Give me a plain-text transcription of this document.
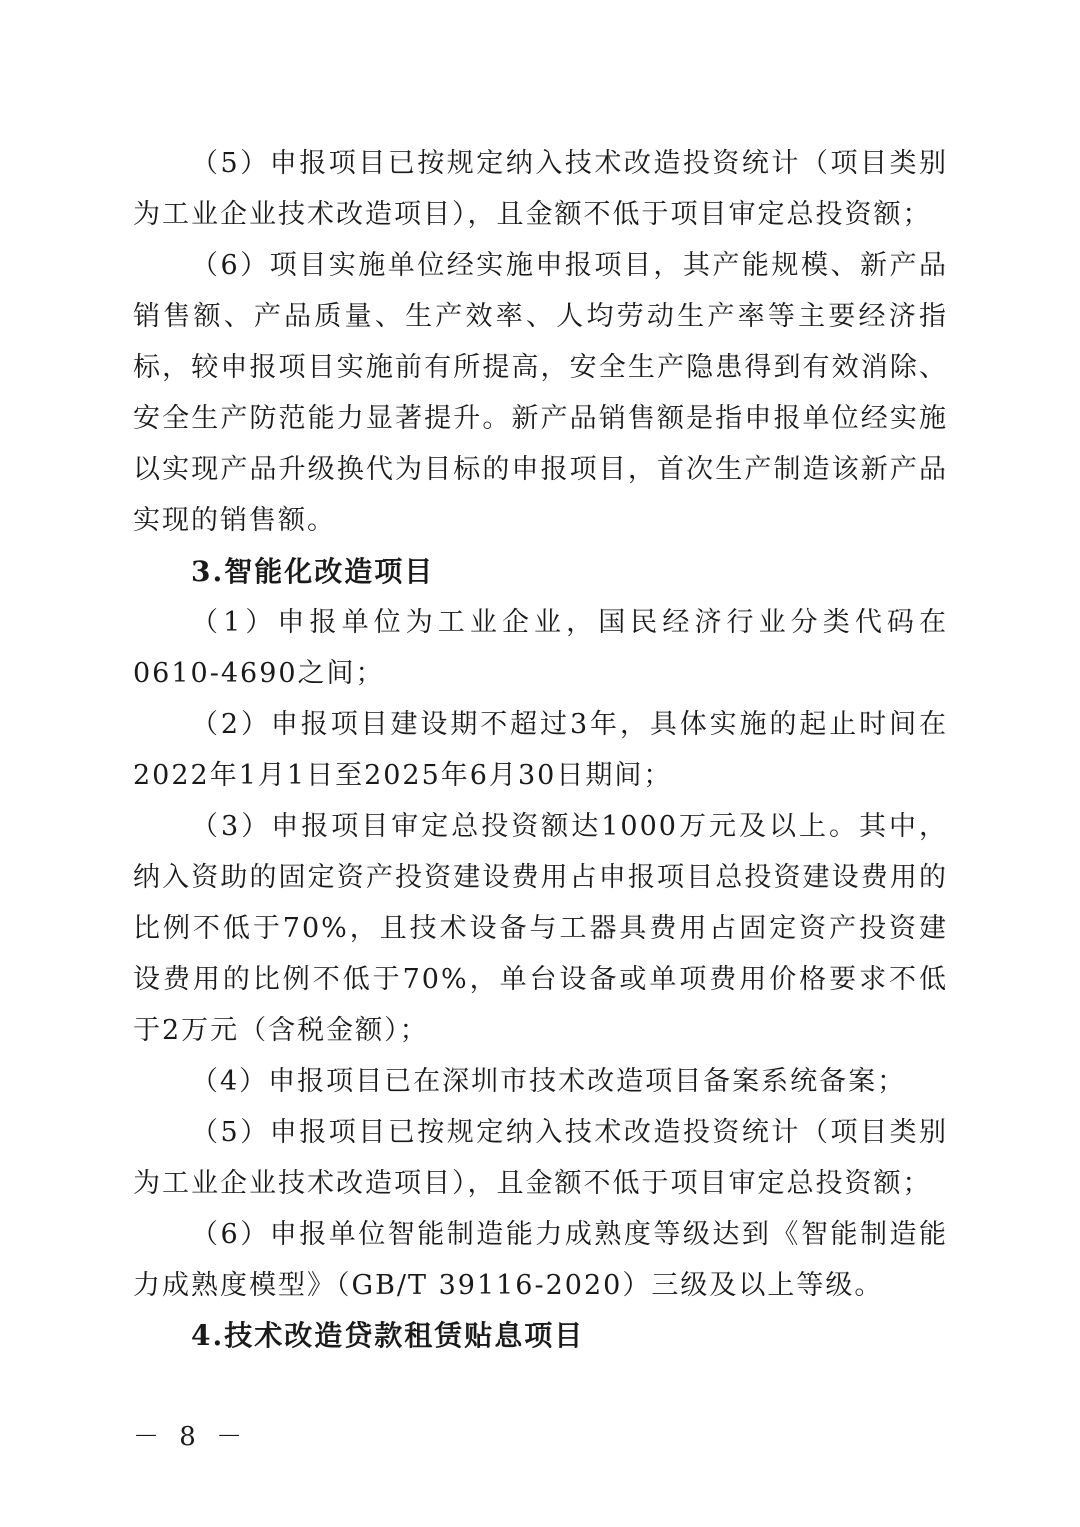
（5）申报项目已按规定纳入技术改造投资统计（项目类别为工业企业技术改造项目），且金额不低于项目审定总投资额；

（6）项目实施单位经实施申报项目，其产能规模、新产品销售额、产品质量、生产效率、人均劳动生产率等主要经济指标，较申报项目实施前有所提高，安全生产隐患得到有效消除、安全生产防范能力显著提升。新产品销售额是指申报单位经实施以实现产品升级换代为目标的申报项目，首次生产制造该新产品实现的销售额。

3.智能化改造项目

（1）申报单位为工业企业，国民经济行业分类代码在0610-4690之间；

（2）申报项目建设期不超过3年，具体实施的起止时间在2022年1月1日至2025年6月30日期间；

（3）申报项目审定总投资额达1000万元及以上。其中，纳入资助的固定资产投资建设费用占申报项目总投资建设费用的比例不低于70%，且技术设备与工器具费用占固定资产投资建设费用的比例不低于70%，单台设备或单项费用价格要求不低于2万元（含税金额）；

（4）申报项目已在深圳市技术改造项目备案系统备案；

（5）申报项目已按规定纳入技术改造投资统计（项目类别为工业企业技术改造项目），且金额不低于项目审定总投资额；

（6）申报单位智能制造能力成熟度等级达到《智能制造能力成熟度模型》（GB/T 39116-2020）三级及以上等级。

4.技术改造贷款租赁贴息项目

－ 8 －
